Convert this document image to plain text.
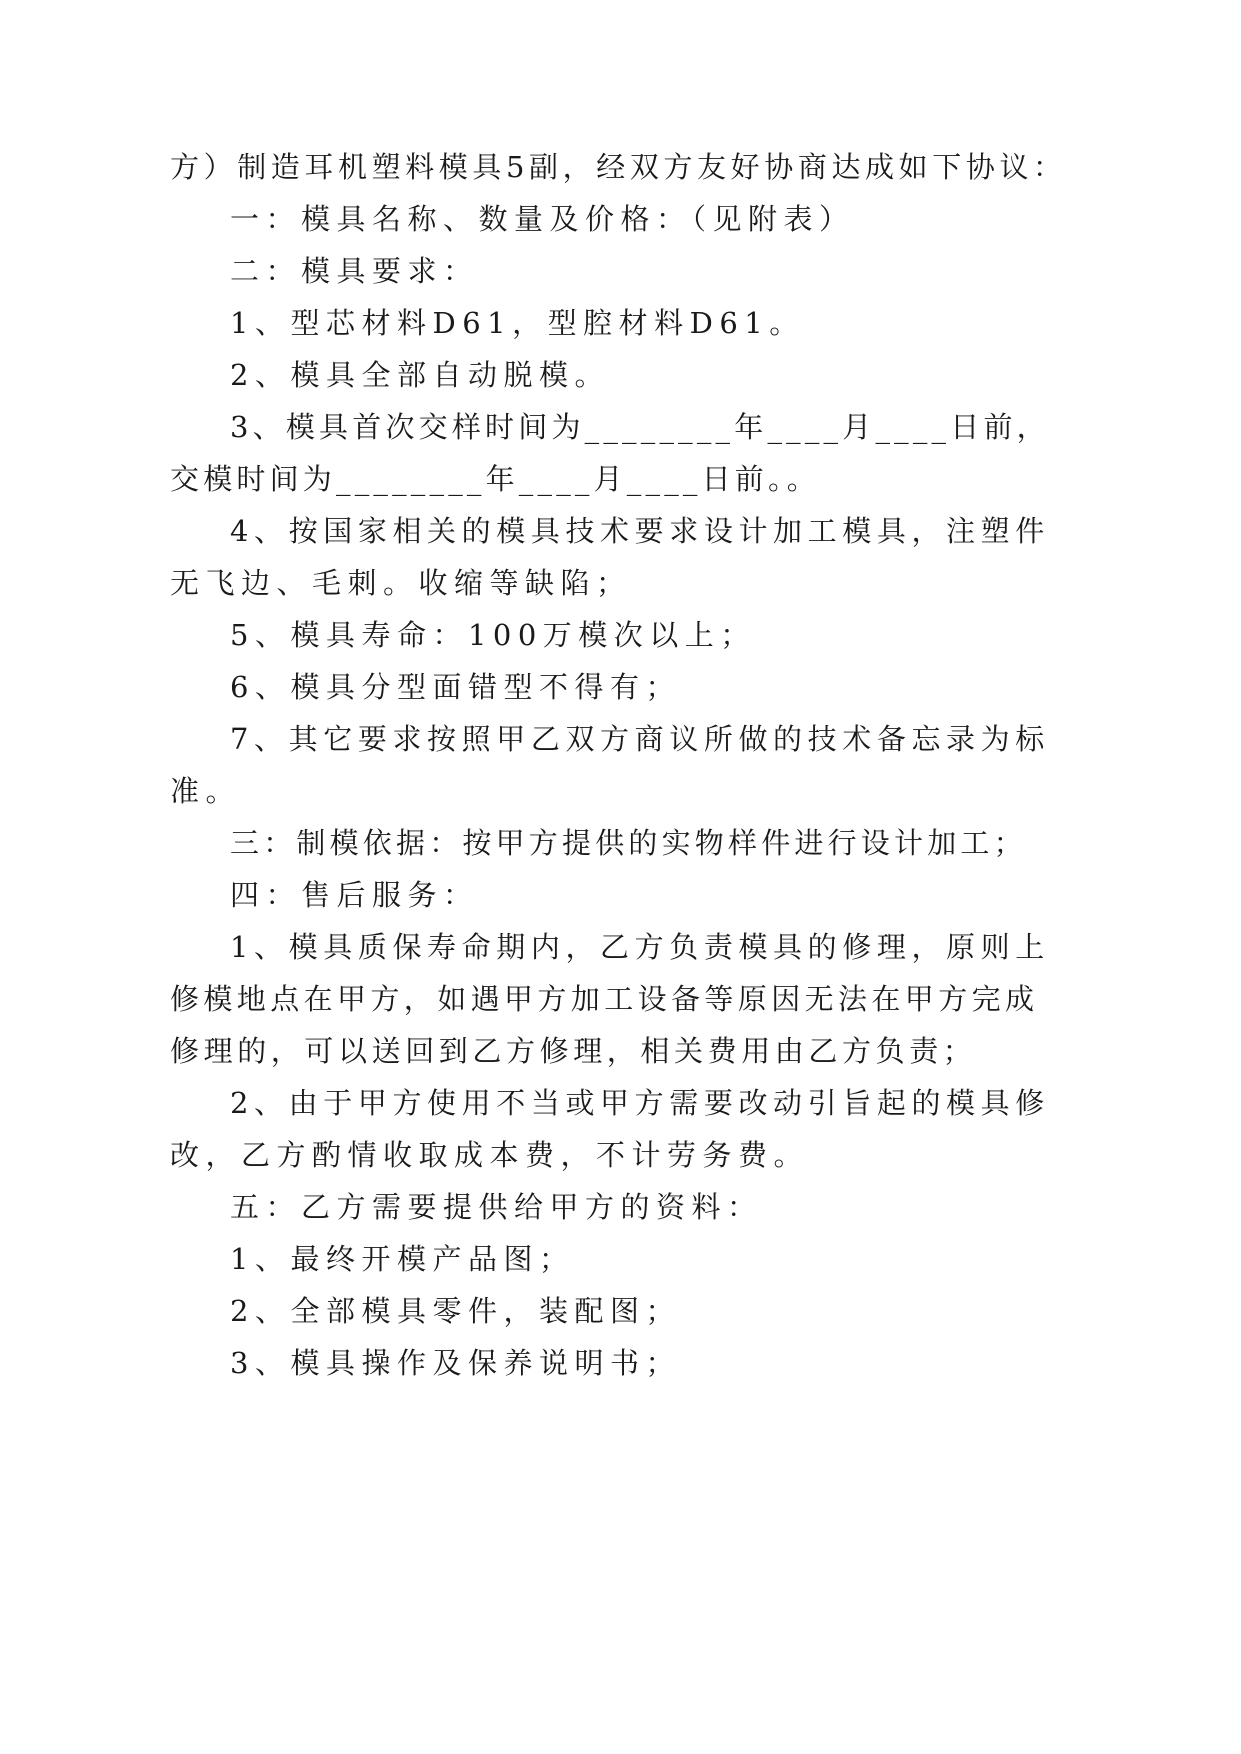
方）制造耳机塑料模具5副，经双方友好协商达成如下协议：
一：模具名称、数量及价格：（见附表）
二：模具要求：
1、型芯材料D61，型腔材料D61。
2、模具全部自动脱模。
3、模具首次交样时间为________年____月____日前，
交模时间为________年____月____日前。。
4、按国家相关的模具技术要求设计加工模具，注塑件
无飞边、毛刺。收缩等缺陷；
5、模具寿命：100万模次以上；
6、模具分型面错型不得有；
7、其它要求按照甲乙双方商议所做的技术备忘录为标
准。
三：制模依据：按甲方提供的实物样件进行设计加工；
四：售后服务：
1、模具质保寿命期内，乙方负责模具的修理，原则上
修模地点在甲方，如遇甲方加工设备等原因无法在甲方完成
修理的，可以送回到乙方修理，相关费用由乙方负责；
2、由于甲方使用不当或甲方需要改动引旨起的模具修
改，乙方酌情收取成本费，不计劳务费。
五：乙方需要提供给甲方的资料：
1、最终开模产品图；
2、全部模具零件，装配图；
3、模具操作及保养说明书；
